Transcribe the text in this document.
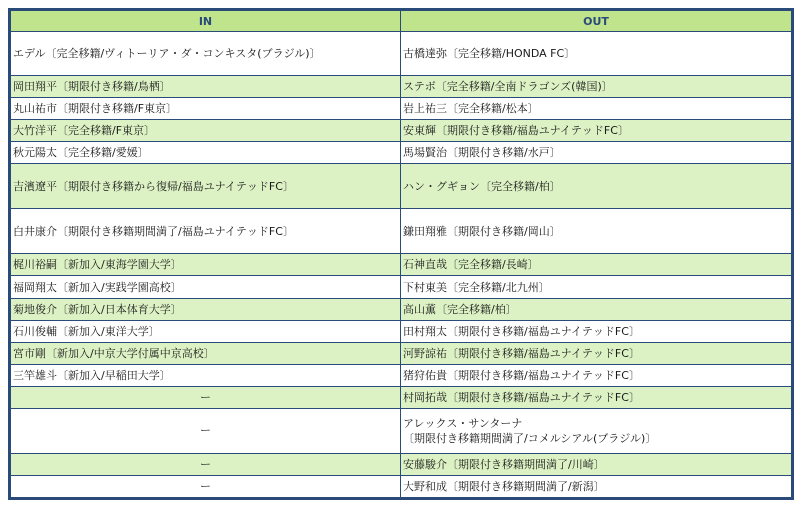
IN	OUT
エデル〔完全移籍/ヴィトーリア・ダ・コンキスタ(ブラジル)〕	古橋達弥〔完全移籍/HONDA FC〕
岡田翔平〔期限付き移籍/鳥栖〕	ステボ〔完全移籍/全南ドラゴンズ(韓国)〕
丸山祐市〔期限付き移籍/F東京〕	岩上祐三〔完全移籍/松本〕
大竹洋平〔完全移籍/F東京〕	安東輝〔期限付き移籍/福島ユナイテッドFC〕
秋元陽太〔完全移籍/愛媛〕	馬場賢治〔期限付き移籍/水戸〕
吉濱遼平〔期限付き移籍から復帰/福島ユナイテッドFC〕	ハン・グギョン〔完全移籍/柏〕
白井康介〔期限付き移籍期間満了/福島ユナイテッドFC〕	鎌田翔雅〔期限付き移籍/岡山〕
梶川裕嗣〔新加入/東海学園大学〕	石神直哉〔完全移籍/長崎〕
福岡翔太〔新加入/実践学園高校〕	下村東美〔完全移籍/北九州〕
菊地俊介〔新加入/日本体育大学〕	高山薫〔完全移籍/柏〕
石川俊輔〔新加入/東洋大学〕	田村翔太〔期限付き移籍/福島ユナイテッドFC〕
宮市剛〔新加入/中京大学付属中京高校〕	河野諒祐〔期限付き移籍/福島ユナイテッドFC〕
三竿雄斗〔新加入/早稲田大学〕	猪狩佑貴〔期限付き移籍/福島ユナイテッドFC〕
ー	村岡拓哉〔期限付き移籍/福島ユナイテッドFC〕
ー	アレックス・サンターナ
〔期限付き移籍期間満了/コメルシアル(ブラジル)〕

ー	安藤駿介〔期限付き移籍期間満了/川崎〕
ー	大野和成〔期限付き移籍期間満了/新潟〕
